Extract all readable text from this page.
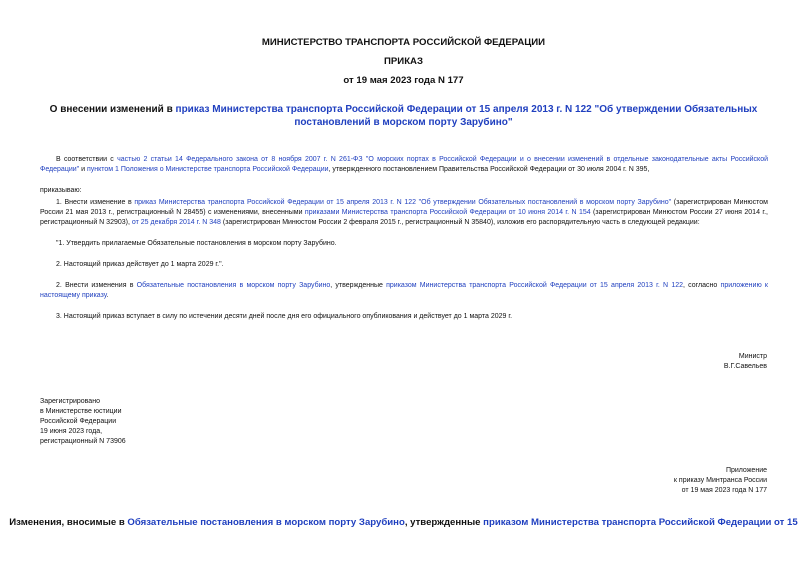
МИНИСТЕРСТВО ТРАНСПОРТА РОССИЙСКОЙ ФЕДЕРАЦИИ
ПРИКАЗ
от 19 мая 2023 года N 177
О внесении изменений в приказ Министерства транспорта Российской Федерации от 15 апреля 2013 г. N 122 "Об утверждении Обязательных постановлений в морском порту Зарубино"
В соответствии с частью 2 статьи 14 Федерального закона от 8 ноября 2007 г. N 261-ФЗ "О морских портах в Российской Федерации и о внесении изменений в отдельные законодательные акты Российской Федерации" и пунктом 1 Положения о Министерстве транспорта Российской Федерации, утвержденного постановлением Правительства Российской Федерации от 30 июля 2004 г. N 395,
приказываю:
1. Внести изменение в приказ Министерства транспорта Российской Федерации от 15 апреля 2013 г. N 122 "Об утверждении Обязательных постановлений в морском порту Зарубино" (зарегистрирован Минюстом России 21 мая 2013 г., регистрационный N 28455) с изменениями, внесенными приказами Министерства транспорта Российской Федерации от 10 июня 2014 г. N 154 (зарегистрирован Минюстом России 27 июня 2014 г., регистрационный N 32903), от 25 декабря 2014 г. N 348 (зарегистрирован Минюстом России 2 февраля 2015 г., регистрационный N 35840), изложив его распорядительную часть в следующей редакции:
"1. Утвердить прилагаемые Обязательные постановления в морском порту Зарубино.
2. Настоящий приказ действует до 1 марта 2029 г.".
2. Внести изменения в Обязательные постановления в морском порту Зарубино, утвержденные приказом Министерства транспорта Российской Федерации от 15 апреля 2013 г. N 122, согласно приложению к настоящему приказу.
3. Настоящий приказ вступает в силу по истечении десяти дней после дня его официального опубликования и действует до 1 марта 2029 г.
Министр
В.Г.Савельев
Зарегистрировано
в Министерстве юстиции
Российской Федерации
19 июня 2023 года,
регистрационный N 73906
Приложение
к приказу Минтранса России
от 19 мая 2023 года N 177
Изменения, вносимые в Обязательные постановления в морском порту Зарубино, утвержденные приказом Министерства транспорта Российской Федерации от 15
